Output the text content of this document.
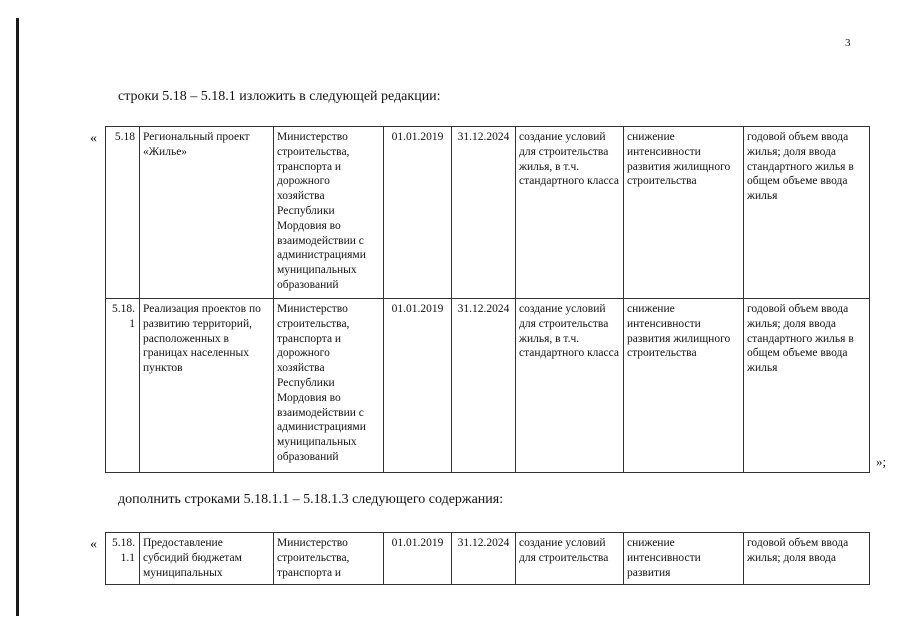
3
строки 5.18 – 5.18.1 изложить в следующей редакции:
« 5.18	Региональный проект «Жилье»	Министерство строительства, транспорта и дорожного хозяйства Республики Мордовия во взаимодействии с администрациями муниципальных образований	01.01.2019	31.12.2024	создание условий для строительства жилья, в т.ч. стандартного класса	снижение интенсивности развития жилищного строительства	годовой объем ввода жилья; доля ввода стандартного жилья в общем объеме ввода жилья
5.18.1	Реализация проектов по развитию территорий, расположенных в границах населенных пунктов	Министерство строительства, транспорта и дорожного хозяйства Республики Мордовия во взаимодействии с администрациями муниципальных образований	01.01.2019	31.12.2024	создание условий для строительства жилья, в т.ч. стандартного класса	снижение интенсивности развития жилищного строительства	годовой объем ввода жилья; доля ввода стандартного жилья в общем объеме ввода жилья
»;
дополнить строками 5.18.1.1 – 5.18.1.3 следующего содержания:
« 5.18.1.1	Предоставление субсидий бюджетам муниципальных	Министерство строительства, транспорта и	01.01.2019	31.12.2024	создание условий для строительства	снижение интенсивности развития	годовой объем ввода жилья; доля ввода
